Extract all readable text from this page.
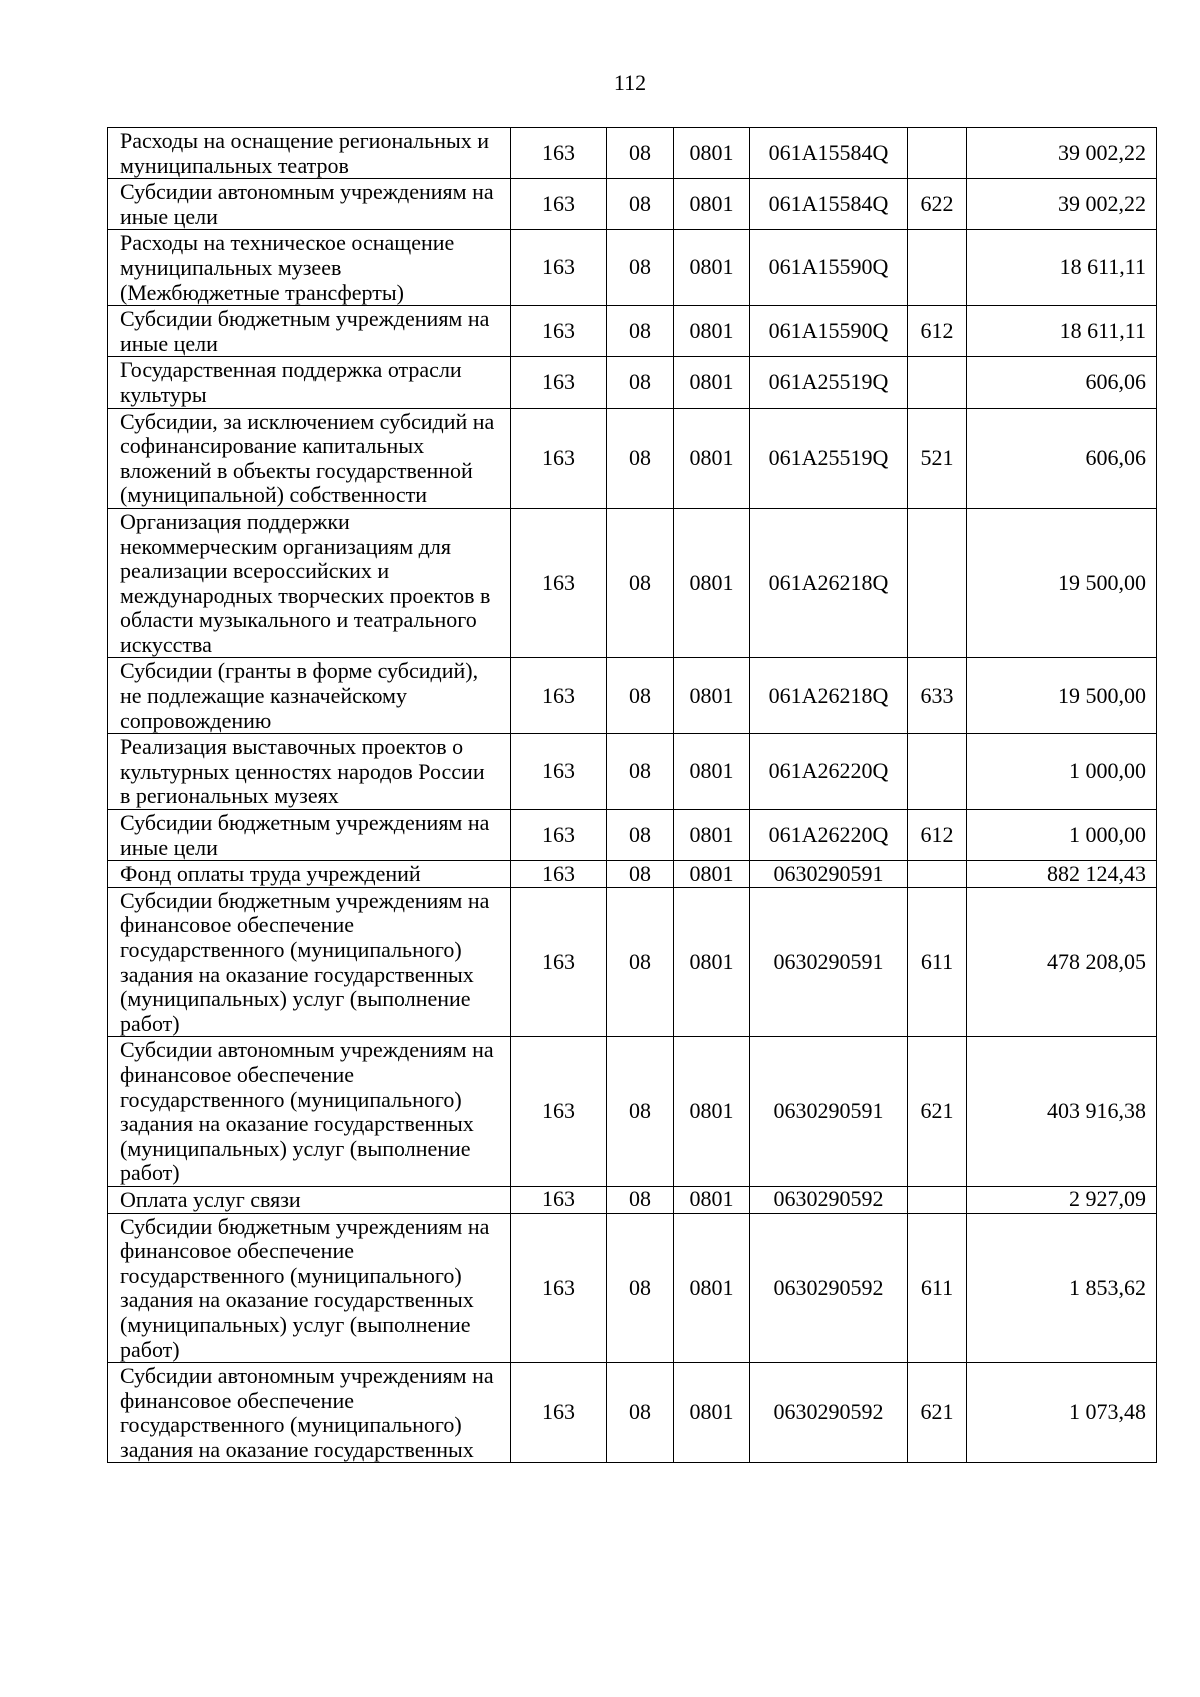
112
Расходы на оснащение региональных и муниципальных театров	163	08	0801	061A15584Q		39 002,22
Субсидии автономным учреждениям на иные цели	163	08	0801	061A15584Q	622	39 002,22
Расходы на техническое оснащение муниципальных музеев (Межбюджетные трансферты)	163	08	0801	061A15590Q		18 611,11
Субсидии бюджетным учреждениям на иные цели	163	08	0801	061A15590Q	612	18 611,11
Государственная поддержка отрасли культуры	163	08	0801	061A25519Q		606,06
Субсидии, за исключением субсидий на софинансирование капитальных вложений в объекты государственной (муниципальной) собственности	163	08	0801	061A25519Q	521	606,06
Организация поддержки некоммерческим организациям для реализации всероссийских и международных творческих проектов в области музыкального и театрального искусства	163	08	0801	061A26218Q		19 500,00
Субсидии (гранты в форме субсидий), не подлежащие казначейскому сопровождению	163	08	0801	061A26218Q	633	19 500,00
Реализация выставочных проектов о культурных ценностях народов России в региональных музеях	163	08	0801	061A26220Q		1 000,00
Субсидии бюджетным учреждениям на иные цели	163	08	0801	061A26220Q	612	1 000,00
Фонд оплаты труда учреждений	163	08	0801	0630290591		882 124,43
Субсидии бюджетным учреждениям на финансовое обеспечение государственного (муниципального) задания на оказание государственных (муниципальных) услуг (выполнение работ)	163	08	0801	0630290591	611	478 208,05
Субсидии автономным учреждениям на финансовое обеспечение государственного (муниципального) задания на оказание государственных (муниципальных) услуг (выполнение работ)	163	08	0801	0630290591	621	403 916,38
Оплата услуг связи	163	08	0801	0630290592		2 927,09
Субсидии бюджетным учреждениям на финансовое обеспечение государственного (муниципального) задания на оказание государственных (муниципальных) услуг (выполнение работ)	163	08	0801	0630290592	611	1 853,62
Субсидии автономным учреждениям на финансовое обеспечение государственного (муниципального) задания на оказание государственных	163	08	0801	0630290592	621	1 073,48
